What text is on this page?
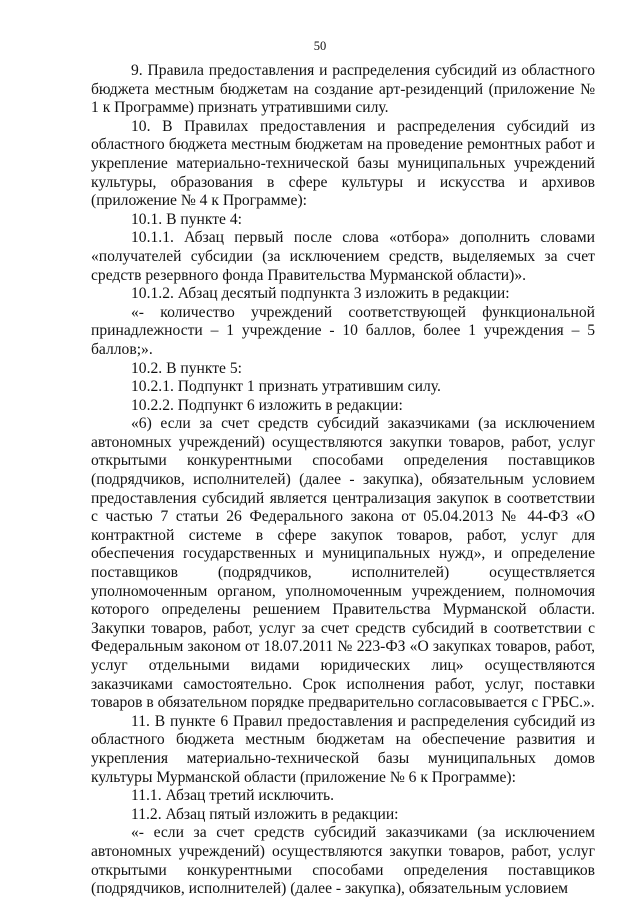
50

9. Правила предоставления и распределения субсидий из областного бюджета местным бюджетам на создание арт-резиденций (приложение № 1 к Программе) признать утратившими силу.

10. В Правилах предоставления и распределения субсидий из областного бюджета местным бюджетам на проведение ремонтных работ и укрепление материально-технической базы муниципальных учреждений культуры, образования в сфере культуры и искусства и архивов (приложение № 4 к Программе):

10.1. В пункте 4:

10.1.1. Абзац первый после слова «отбора» дополнить словами «получателей субсидии (за исключением средств, выделяемых за счет средств резервного фонда Правительства Мурманской области)».

10.1.2. Абзац десятый подпункта 3 изложить в редакции:

«- количество учреждений соответствующей функциональной принадлежности – 1 учреждение - 10 баллов, более 1 учреждения – 5 баллов;».

10.2. В пункте 5:

10.2.1. Подпункт 1 признать утратившим силу.

10.2.2. Подпункт 6 изложить в редакции:

«6) если за счет средств субсидий заказчиками (за исключением автономных учреждений) осуществляются закупки товаров, работ, услуг открытыми конкурентными способами определения поставщиков (подрядчиков, исполнителей) (далее - закупка), обязательным условием предоставления субсидий является централизация закупок в соответствии с частью 7 статьи 26 Федерального закона от 05.04.2013 № 44-ФЗ «О контрактной системе в сфере закупок товаров, работ, услуг для обеспечения государственных и муниципальных нужд», и определение поставщиков (подрядчиков, исполнителей) осуществляется уполномоченным органом, уполномоченным учреждением, полномочия которого определены решением Правительства Мурманской области. Закупки товаров, работ, услуг за счет средств субсидий в соответствии с Федеральным законом от 18.07.2011 № 223-ФЗ «О закупках товаров, работ, услуг отдельными видами юридических лиц» осуществляются заказчиками самостоятельно. Срок исполнения работ, услуг, поставки товаров в обязательном порядке предварительно согласовывается с ГРБС.».

11. В пункте 6 Правил предоставления и распределения субсидий из областного бюджета местным бюджетам на обеспечение развития и укрепления материально-технической базы муниципальных домов культуры Мурманской области (приложение № 6 к Программе):

11.1. Абзац третий исключить.

11.2. Абзац пятый изложить в редакции:

«- если за счет средств субсидий заказчиками (за исключением автономных учреждений) осуществляются закупки товаров, работ, услуг открытыми конкурентными способами определения поставщиков (подрядчиков, исполнителей) (далее - закупка), обязательным условием
